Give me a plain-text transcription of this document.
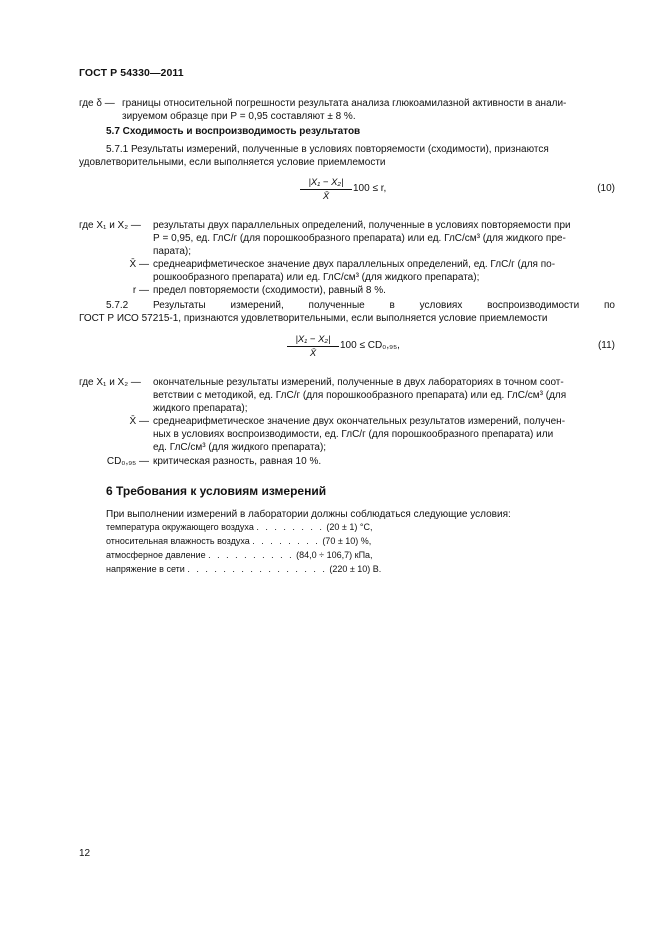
ГОСТ Р 54330—2011
где δ — границы относительной погрешности результата анализа глюкоамилазной активности в анали-
зируемом образце при Р = 0,95 составляют ± 8 %.
5.7 Сходимость и воспроизводимость результатов
5.7.1 Результаты измерений, полученные в условиях повторяемости (сходимости), признаются
удовлетворительными, если выполняется условие приемлемости
$\frac{\text{|X₁ − X₂|}}{X̄} 100 \le r$,	(10)
где X₁ и X₂ — результаты двух параллельных определений, полученные в условиях повторяемости при
Р = 0,95, ед. ГлС/г (для порошкообразного препарата) или ед. ГлС/см³ (для жидкого пре-
парата);
X̄ — среднеарифметическое значение двух параллельных определений, ед. ГлС/г (для по-
рошкообразного препарата) или ед. ГлС/см³ (для жидкого препарата);
r — предел повторяемости (сходимости), равный 8 %.
5.7.2 Результаты измерений, полученные в условиях воспроизводимости по
ГОСТ Р ИСО 57215-1, признаются удовлетворительными, если выполняется условие приемлемости
$\frac{\text{|X₁ − X₂|}}{X̄} 100 \le CD_0,_{95}$,	(11)
где X₁ и X₂ — окончательные результаты измерений, полученные в двух лабораториях в точном соот-
ветствии с методикой, ед. ГлС/г (для порошкообразного препарата) или ед. ГлС/см³ (для
жидкого препарата);
X̄ — среднеарифметическое значение двух окончательных результатов измерений, получен-
ных в условиях воспроизводимости, ед. ГлС/г (для порошкообразного препарата) или
ед. ГлС/см³ (для жидкого препарата);
CD₀,₉₅ — критическая разность, равная 10 %.
6 Требования к условиям измерений
При выполнении измерений в лаборатории должны соблюдаться следующие условия:
температура окружающего воздуха . . . . . . . . (20 ± 1) °С,
относительная влажность воздуха . . . . . . . . (70 ± 10) %,
атмосферное давление . . . . . . . . . . (84,0 ÷ 106,7) кПа,
напряжение в сети . . . . . . . . . . . . . . . . (220 ± 10) В.
12
